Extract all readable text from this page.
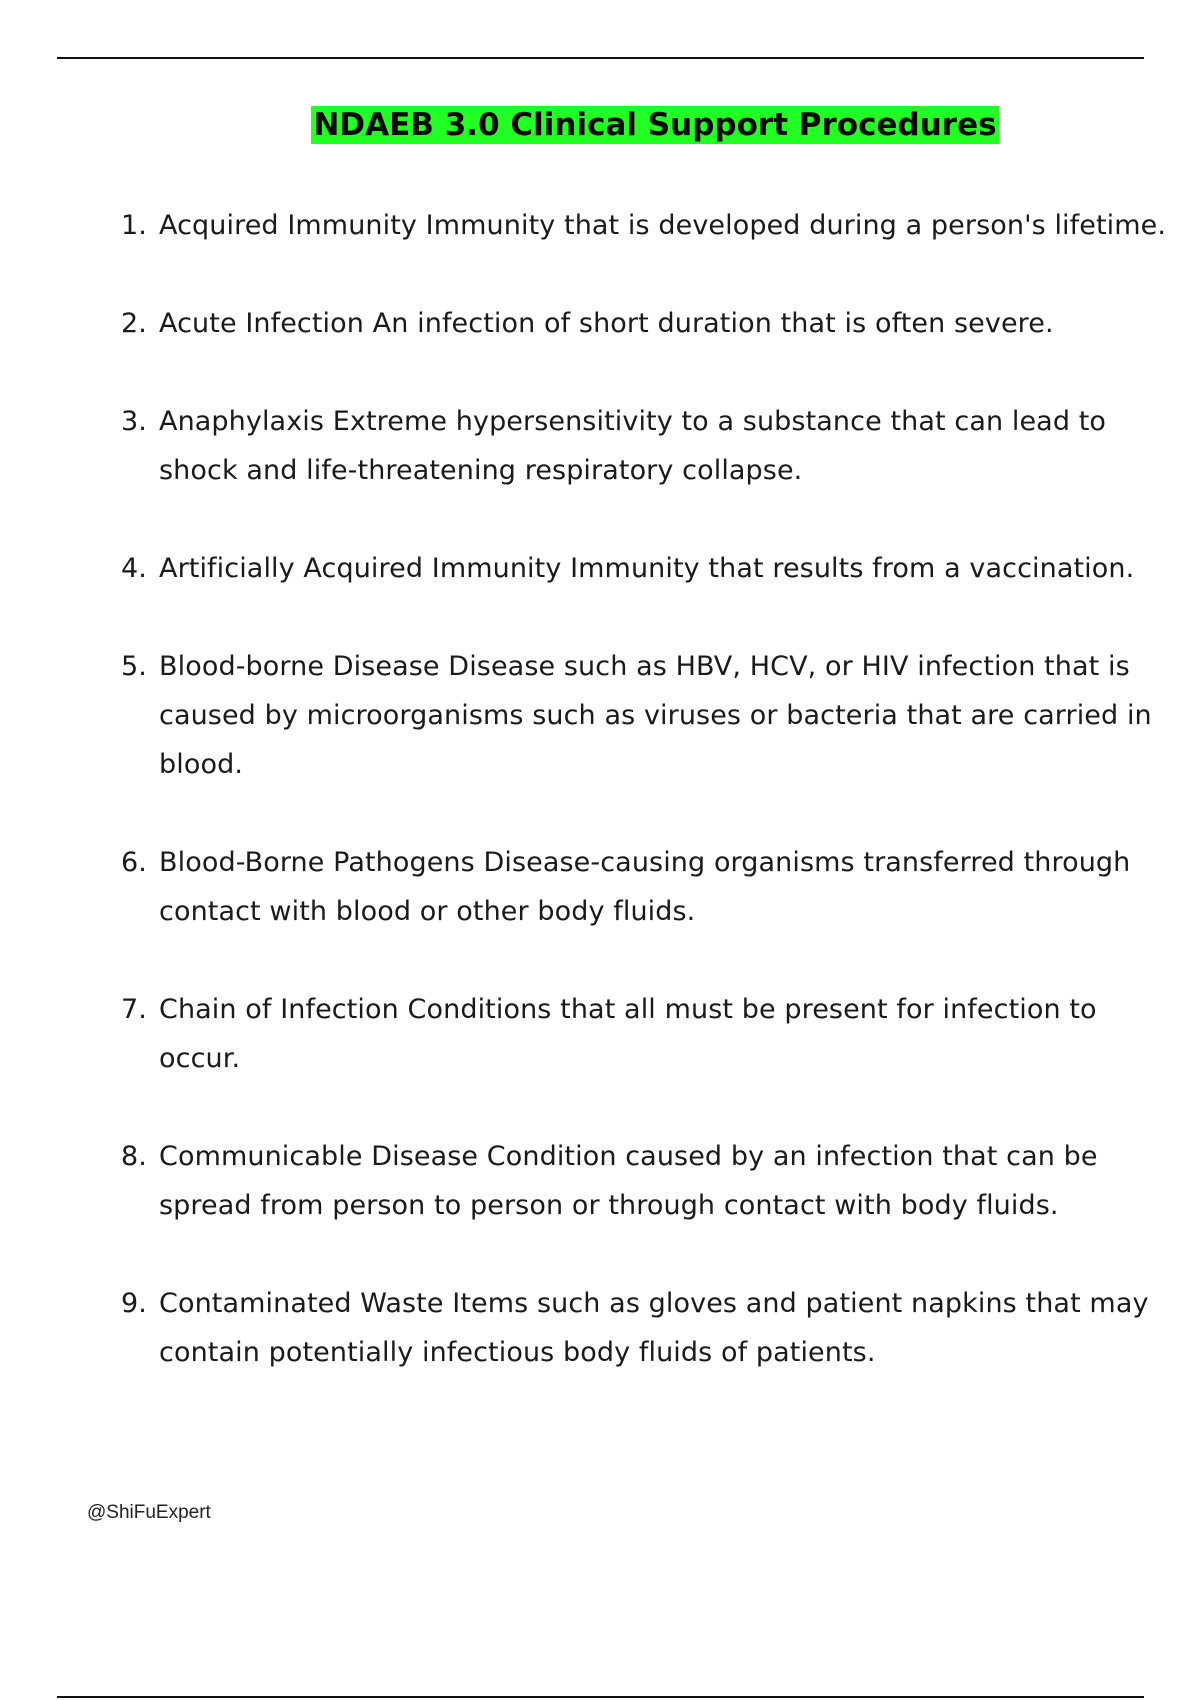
NDAEB 3.0 Clinical Support Procedures
1. Acquired Immunity Immunity that is developed during a person's lifetime.
2. Acute Infection An infection of short duration that is often severe.
3. Anaphylaxis Extreme hypersensitivity to a substance that can lead to shock and life-threatening respiratory collapse.
4. Artificially Acquired Immunity Immunity that results from a vaccination.
5. Blood-borne Disease Disease such as HBV, HCV, or HIV infection that is caused by microorganisms such as viruses or bacteria that are carried in blood.
6. Blood-Borne Pathogens Disease-causing organisms transferred through contact with blood or other body fluids.
7. Chain of Infection Conditions that all must be present for infection to occur.
8. Communicable Disease Condition caused by an infection that can be spread from person to person or through contact with body fluids.
9. Contaminated Waste Items such as gloves and patient napkins that may contain potentially infectious body fluids of patients.
@ShiFuExpert
